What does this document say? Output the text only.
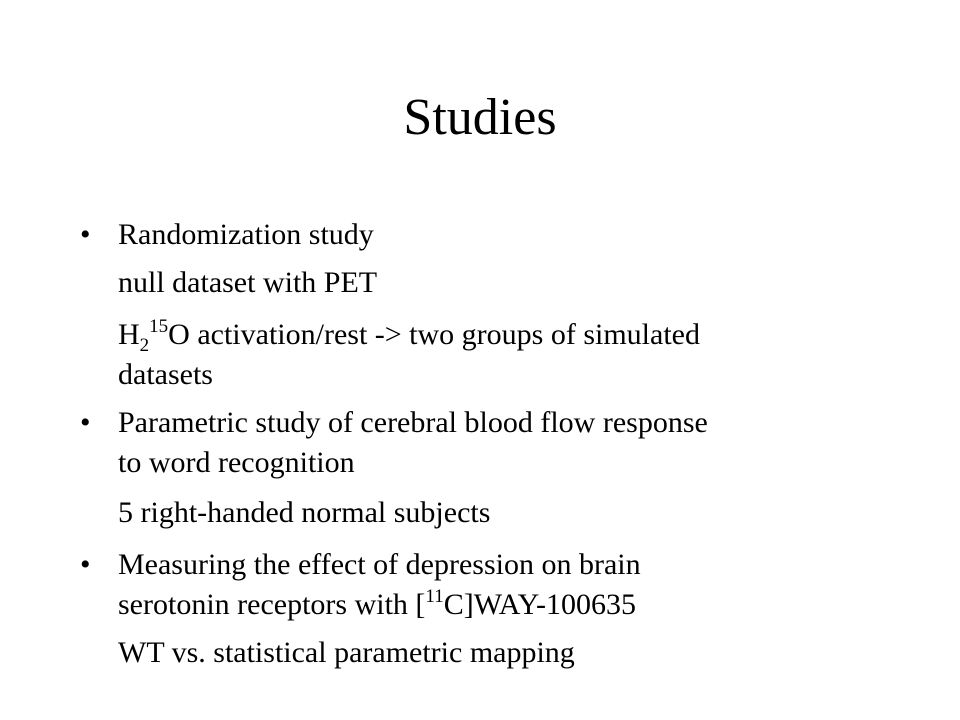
Studies
• Randomization study
null dataset with PET
$H_2^{15}O$ activation/rest -> two groups of simulated
datasets
• Parametric study of cerebral blood flow response
to word recognition
5 right-handed normal subjects
• Measuring the effect of depression on brain
serotonin receptors with [$^{11}$C]WAY-100635
WT vs. statistical parametric mapping
